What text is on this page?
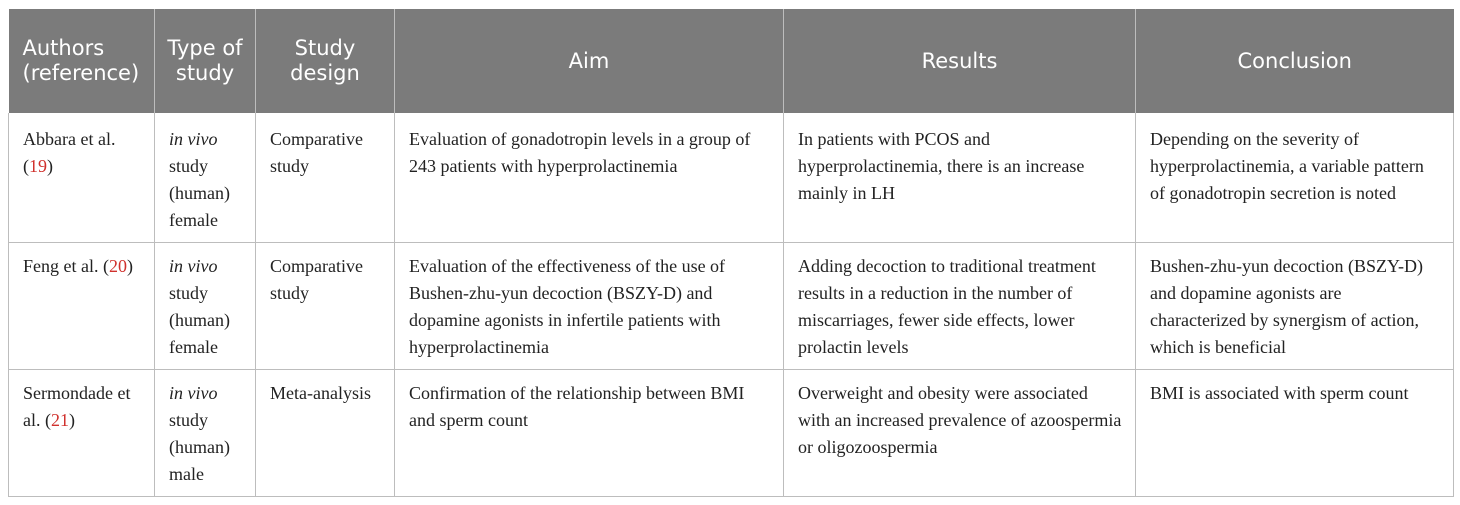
Authors (reference)	Type of study	Study design	Aim	Results	Conclusion
Abbara et al. (19)	in vivo study (human) female	Comparative study	Evaluation of gonadotropin levels in a group of 243 patients with hyperprolactinemia	In patients with PCOS and hyperprolactinemia, there is an increase mainly in LH	Depending on the severity of hyperprolactinemia, a variable pattern of gonadotropin secretion is noted
Feng et al. (20)	in vivo study (human) female	Comparative study	Evaluation of the effectiveness of the use of Bushen-zhu-yun decoction (BSZY-D) and dopamine agonists in infertile patients with hyperprolactinemia	Adding decoction to traditional treatment results in a reduction in the number of miscarriages, fewer side effects, lower prolactin levels	Bushen-zhu-yun decoction (BSZY-D) and dopamine agonists are characterized by synergism of action, which is beneficial
Sermondade et al. (21)	in vivo study (human) male	Meta-analysis	Confirmation of the relationship between BMI and sperm count	Overweight and obesity were associated with an increased prevalence of azoospermia or oligozoospermia	BMI is associated with sperm count
